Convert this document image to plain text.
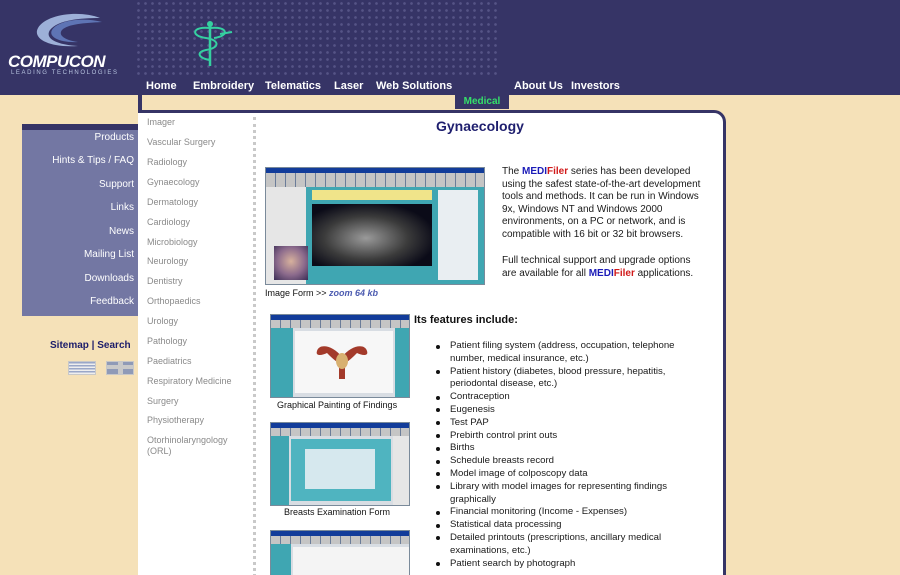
COMPUCON
LEADING TECHNOLOGIES
Home Embroidery Telematics Laser Web Solutions	About Us Investors
Medical
Products
Hints & Tips / FAQ
Support
Links
News
Mailing List
Downloads
Feedback
Sitemap | Search
Imager
Vascular Surgery
Radiology
Gynaecology
Dermatology
Cardiology
Microbiology
Neurology
Dentistry
Orthopaedics
Urology
Pathology
Paediatrics
Respiratory Medicine
Surgery
Physiotherapy
Otorhinolaryngology (ORL)
Gynaecology
Image Form >> zoom 64 kb

The MEDIFiler series has been developed using the safest state-of-the-art development tools and methods. It can be run in Windows 9x, Windows NT and Windows 2000 environments, on a PC or network, and is compatible with 16 bit or 32 bit browsers.

Full technical support and upgrade options are available for all MEDIFiler applications.

Graphical Painting of Findings
Breasts Examination Form
Its features include:
Patient filing system (address, occupation, telephone number, medical insurance, etc.)
Patient history (diabetes, blood pressure, hepatitis, periodontal disease, etc.)
Contraception
Eugenesis
Test PAP
Prebirth control print outs
Births
Schedule breasts record
Model image of colposcopy data
Library with model images for representing findings graphically
Financial monitoring (Income - Expenses)
Statistical data processing
Detailed printouts (prescriptions, ancillary medical examinations, etc.)
Patient search by photograph
